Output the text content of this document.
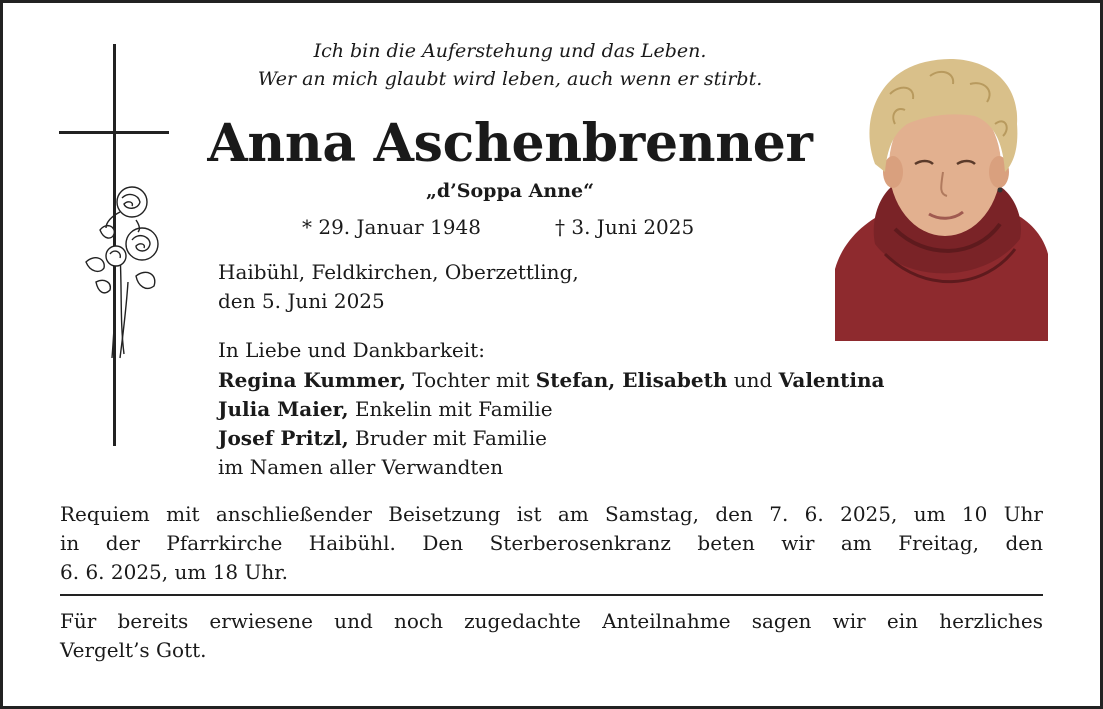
Ich bin die Auferstehung und das Leben.
Wer an mich glaubt wird leben, auch wenn er stirbt.
Anna Aschenbrenner
„d’Soppa Anne“
* 29. Januar 1948	† 3. Juni 2025
Haibühl, Feldkirchen, Oberzettling,
den 5. Juni 2025
In Liebe und Dankbarkeit:
Regina Kummer, Tochter mit Stefan, Elisabeth und Valentina
Julia Maier, Enkelin mit Familie
Josef Pritzl, Bruder mit Familie
im Namen aller Verwandten
Requiem mit anschließender Beisetzung ist am Samstag, den 7. 6. 2025, um 10 Uhr
in der Pfarrkirche Haibühl. Den Sterberosenkranz beten wir am Freitag, den
6. 6. 2025, um 18 Uhr.
Für bereits erwiesene und noch zugedachte Anteilnahme sagen wir ein herzliches
Vergelt’s Gott.
